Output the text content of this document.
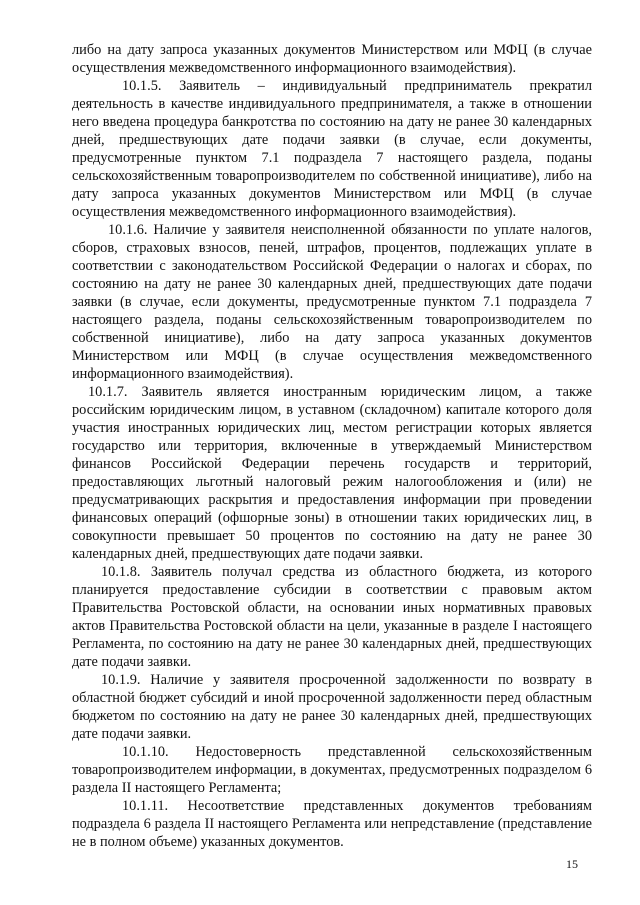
либо на дату запроса указанных документов Министерством или МФЦ (в случае осуществления межведомственного информационного взаимодействия).

10.1.5. Заявитель – индивидуальный предприниматель прекратил деятельность в качестве индивидуального предпринимателя, а также в отношении него введена процедура банкротства по состоянию на дату не ранее 30 календарных дней, предшествующих дате подачи заявки (в случае, если документы, предусмотренные пунктом 7.1 подраздела 7 настоящего раздела, поданы сельскохозяйственным товаропроизводителем по собственной инициативе), либо на дату запроса указанных документов Министерством или МФЦ (в случае осуществления межведомственного информационного взаимодействия).

10.1.6. Наличие у заявителя неисполненной обязанности по уплате налогов, сборов, страховых взносов, пеней, штрафов, процентов, подлежащих уплате в соответствии с законодательством Российской Федерации о налогах и сборах, по состоянию на дату не ранее 30 календарных дней, предшествующих дате подачи заявки (в случае, если документы, предусмотренные пунктом 7.1 подраздела 7 настоящего раздела, поданы сельскохозяйственным товаропроизводителем по собственной инициативе), либо на дату запроса указанных документов Министерством или МФЦ (в случае осуществления межведомственного информационного взаимодействия).

10.1.7. Заявитель является иностранным юридическим лицом, а также российским юридическим лицом, в уставном (складочном) капитале которого доля участия иностранных юридических лиц, местом регистрации которых является государство или территория, включенные в утверждаемый Министерством финансов Российской Федерации перечень государств и территорий, предоставляющих льготный налоговый режим налогообложения и (или) не предусматривающих раскрытия и предоставления информации при проведении финансовых операций (офшорные зоны) в отношении таких юридических лиц, в совокупности превышает 50 процентов по состоянию на дату не ранее 30 календарных дней, предшествующих дате подачи заявки.

10.1.8. Заявитель получал средства из областного бюджета, из которого планируется предоставление субсидии в соответствии с правовым актом Правительства Ростовской области, на основании иных нормативных правовых актов Правительства Ростовской области на цели, указанные в разделе I настоящего Регламента, по состоянию на дату не ранее 30 календарных дней, предшествующих дате подачи заявки.

10.1.9. Наличие у заявителя просроченной задолженности по возврату в областной бюджет субсидий и иной просроченной задолженности перед областным бюджетом по состоянию на дату не ранее 30 календарных дней, предшествующих дате подачи заявки.

10.1.10. Недостоверность представленной сельскохозяйственным товаропроизводителем информации, в документах, предусмотренных подразделом 6 раздела II настоящего Регламента;

10.1.11. Несоответствие представленных документов требованиям подраздела 6 раздела II настоящего Регламента или непредставление (представление не в полном объеме) указанных документов.

15
